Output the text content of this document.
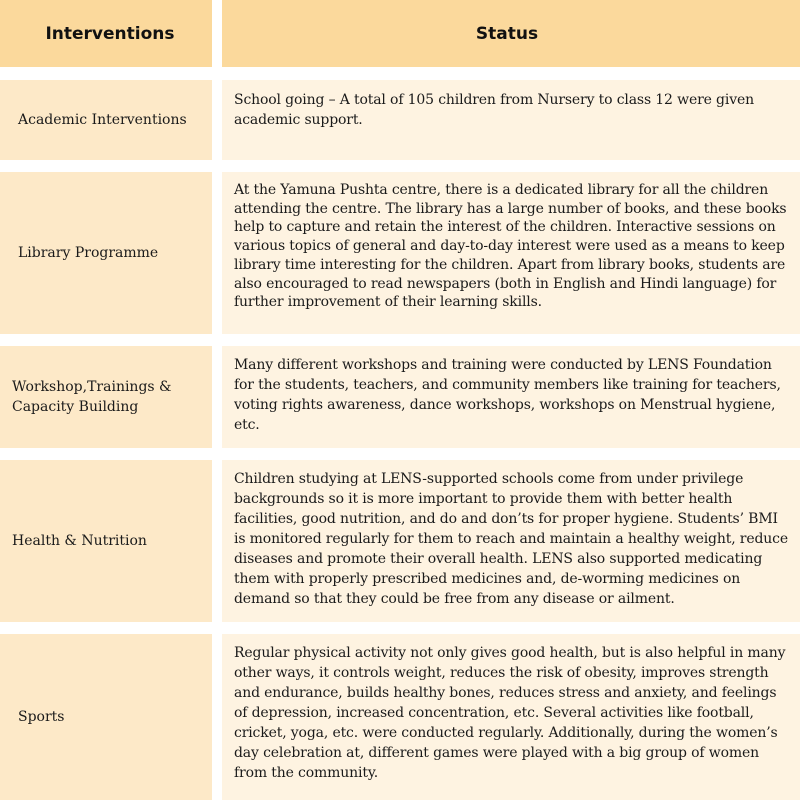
Interventions	Status
Academic Interventions
School going – A total of 105 children from Nursery to class 12 were given academic support.
Library Programme
At the Yamuna Pushta centre, there is a dedicated library for all the children attending the centre. The library has a large number of books, and these books help to capture and retain the interest of the children. Interactive sessions on various topics of general and day-to-day interest were used as a means to keep library time interesting for the children. Apart from library books, students are also encouraged to read newspapers (both in English and Hindi language) for further improvement of their learning skills.
Workshop,Trainings & Capacity Building
Many different workshops and training were conducted by LENS Foundation for the students, teachers, and community members like training for teachers, voting rights awareness, dance workshops, workshops on Menstrual hygiene, etc.
Health & Nutrition
Children studying at LENS-supported schools come from under privilege backgrounds so it is more important to provide them with better health facilities, good nutrition, and do and don’ts for proper hygiene. Students’ BMI is monitored regularly for them to reach and maintain a healthy weight, reduce diseases and promote their overall health. LENS also supported medicating them with properly prescribed medicines and, de-worming medicines on demand so that they could be free from any disease or ailment.
Sports
Regular physical activity not only gives good health, but is also helpful in many other ways, it controls weight, reduces the risk of obesity, improves strength and endurance, builds healthy bones, reduces stress and anxiety, and feelings of depression, increased concentration, etc. Several activities like football, cricket, yoga, etc. were conducted regularly. Additionally, during the women’s day celebration at, different games were played with a big group of women from the community.
